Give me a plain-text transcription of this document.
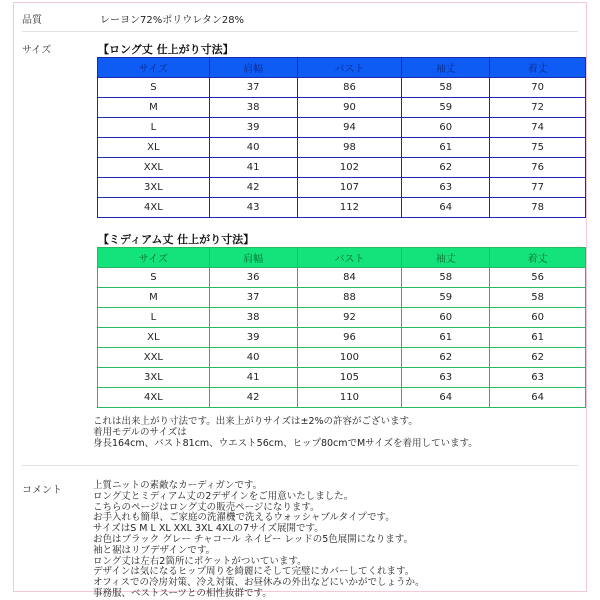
品質	レーヨン72%ポリウレタン28%
サイズ	【ロング丈 仕上がり寸法】
サイズ	肩幅	バスト	袖丈	着丈
S	37	86	58	70
M	38	90	59	72
L	39	94	60	74
XL	40	98	61	75
XXL	41	102	62	76
3XL	42	107	63	77
4XL	43	112	64	78
【ミディアム丈 仕上がり寸法】
サイズ	肩幅	バスト	袖丈	着丈
S	36	84	58	56
M	37	88	59	58
L	38	92	60	60
XL	39	96	61	61
XXL	40	100	62	62
3XL	41	105	63	63
4XL	42	110	64	64
これは出来上がり寸法です。出来上がりサイズは±2%の許容がございます。
着用モデルのサイズは
身長164cm、バスト81cm、ウエスト56cm、ヒップ80cmでMサイズを着用しています。
コメント	上質ニットの素敵なカーディガンです。
ロング丈とミディアム丈の2デザインをご用意いたしました。
こちらのページはロング丈の販売ページになります。
お手入れも簡単、ご家庭の洗濯機で洗えるウォッシャブルタイプです。
サイズはS M L XL XXL 3XL 4XLの7サイズ展開です。
お色はブラック グレー チャコール ネイビー レッドの5色展開になります。
袖と裾はリブデザインです。
ロング丈は左右2箇所にポケットがついています。
デザインは気になるヒップ周りを綺麗にそして完璧にカバーしてくれます。
オフィスでの冷房対策、冷え対策、お昼休みの外出などにいかがでしょうか。
事務服、ベストスーツとの相性抜群です。
